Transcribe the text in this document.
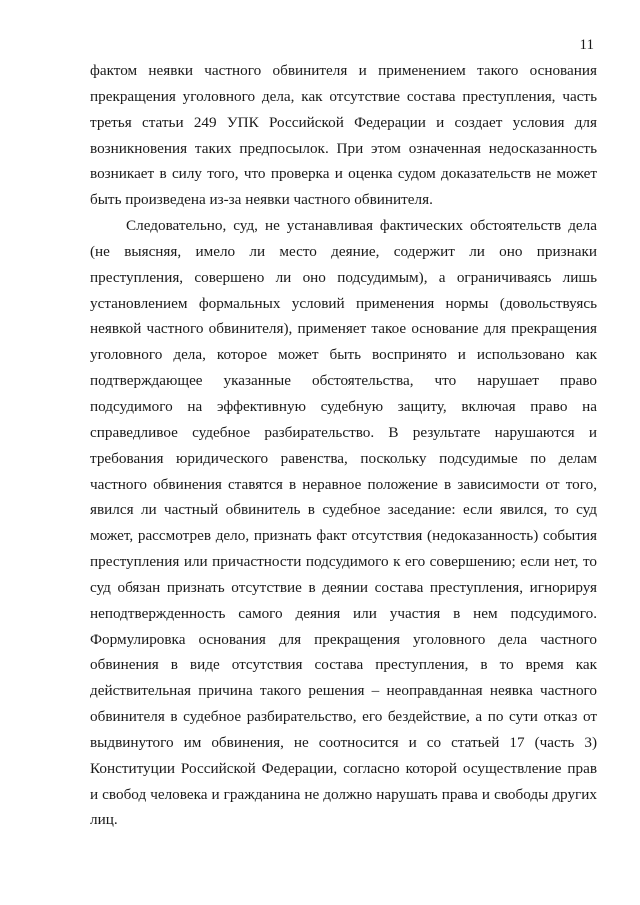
11
фактом неявки частного обвинителя и применением такого основания
прекращения уголовного дела, как отсутствие состава преступления, часть
третья статьи 249 УПК Российской Федерации и создает условия для
возникновения таких предпосылок. При этом означенная недосказанность
возникает в силу того, что проверка и оценка судом доказательств не может
быть произведена из-за неявки частного обвинителя.
Следовательно, суд, не устанавливая фактических обстоятельств дела
(не выясняя, имело ли место деяние, содержит ли оно признаки
преступления, совершено ли оно подсудимым), а ограничиваясь лишь
установлением формальных условий применения нормы (довольствуясь
неявкой частного обвинителя), применяет такое основание для прекращения
уголовного дела, которое может быть воспринято и использовано как
подтверждающее указанные обстоятельства, что нарушает право
подсудимого на эффективную судебную защиту, включая право на
справедливое судебное разбирательство. В результате нарушаются и
требования юридического равенства, поскольку подсудимые по делам
частного обвинения ставятся в неравное положение в зависимости от того,
явился ли частный обвинитель в судебное заседание: если явился, то суд
может, рассмотрев дело, признать факт отсутствия (недоказанность) события
преступления или причастности подсудимого к его совершению; если нет, то
суд обязан признать отсутствие в деянии состава преступления, игнорируя
неподтвержденность самого деяния или участия в нем подсудимого.
Формулировка основания для прекращения уголовного дела частного
обвинения в виде отсутствия состава преступления, в то время как
действительная причина такого решения – неоправданная неявка частного
обвинителя в судебное разбирательство, его бездействие, а по сути отказ от
выдвинутого им обвинения, не соотносится и со статьей 17 (часть 3)
Конституции Российской Федерации, согласно которой осуществление прав
и свобод человека и гражданина не должно нарушать права и свободы других
лиц.
